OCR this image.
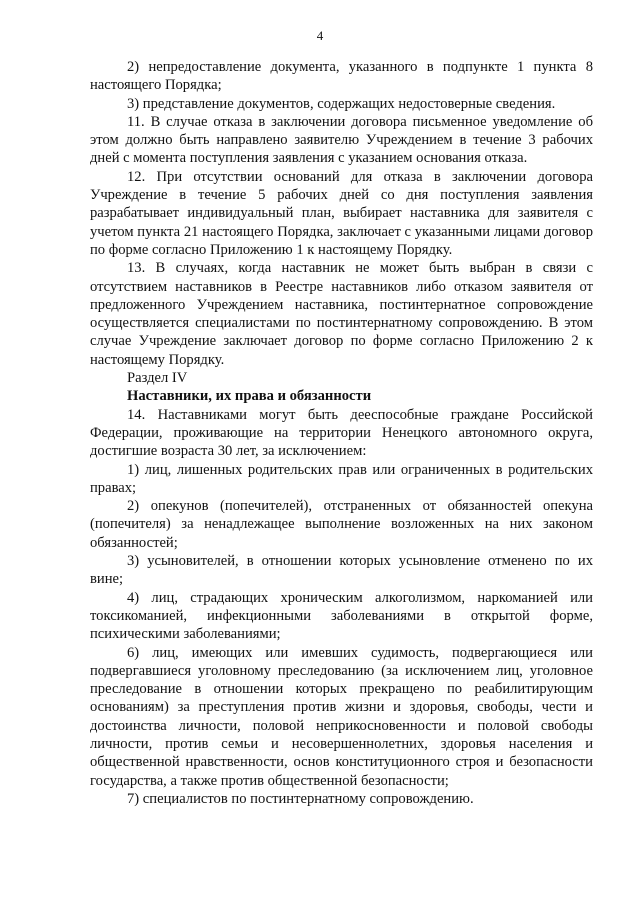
4

2) непредоставление документа, указанного в подпункте 1 пункта 8 настоящего Порядка;

3) представление документов, содержащих недостоверные сведения.

11. В случае отказа в заключении договора письменное уведомление об этом должно быть направлено заявителю Учреждением в течение 3 рабочих дней с момента поступления заявления с указанием основания отказа.

12. При отсутствии оснований для отказа в заключении договора Учреждение в течение 5 рабочих дней со дня поступления заявления разрабатывает индивидуальный план, выбирает наставника для заявителя с учетом пункта 21 настоящего Порядка, заключает с указанными лицами договор по форме согласно Приложению 1 к настоящему Порядку.

13. В случаях, когда наставник не может быть выбран в связи с отсутствием наставников в Реестре наставников либо отказом заявителя от предложенного Учреждением наставника, постинтернатное сопровождение осуществляется специалистами по постинтернатному сопровождению. В этом случае Учреждение заключает договор по форме согласно Приложению 2 к настоящему Порядку.

Раздел IV

Наставники, их права и обязанности

14. Наставниками могут быть дееспособные граждане Российской Федерации, проживающие на территории Ненецкого автономного округа, достигшие возраста 30 лет, за исключением:

1) лиц, лишенных родительских прав или ограниченных в родительских правах;

2) опекунов (попечителей), отстраненных от обязанностей опекуна (попечителя) за ненадлежащее выполнение возложенных на них законом обязанностей;

3) усыновителей, в отношении которых усыновление отменено по их вине;

4) лиц, страдающих хроническим алкоголизмом, наркоманией или токсикоманией, инфекционными заболеваниями в открытой форме, психическими заболеваниями;

6) лиц, имеющих или имевших судимость, подвергающиеся или подвергавшиеся уголовному преследованию (за исключением лиц, уголовное преследование в отношении которых прекращено по реабилитирующим основаниям) за преступления против жизни и здоровья, свободы, чести и достоинства личности, половой неприкосновенности и половой свободы личности, против семьи и несовершеннолетних, здоровья населения и общественной нравственности, основ конституционного строя и безопасности государства, а также против общественной безопасности;

7) специалистов по постинтернатному сопровождению.
